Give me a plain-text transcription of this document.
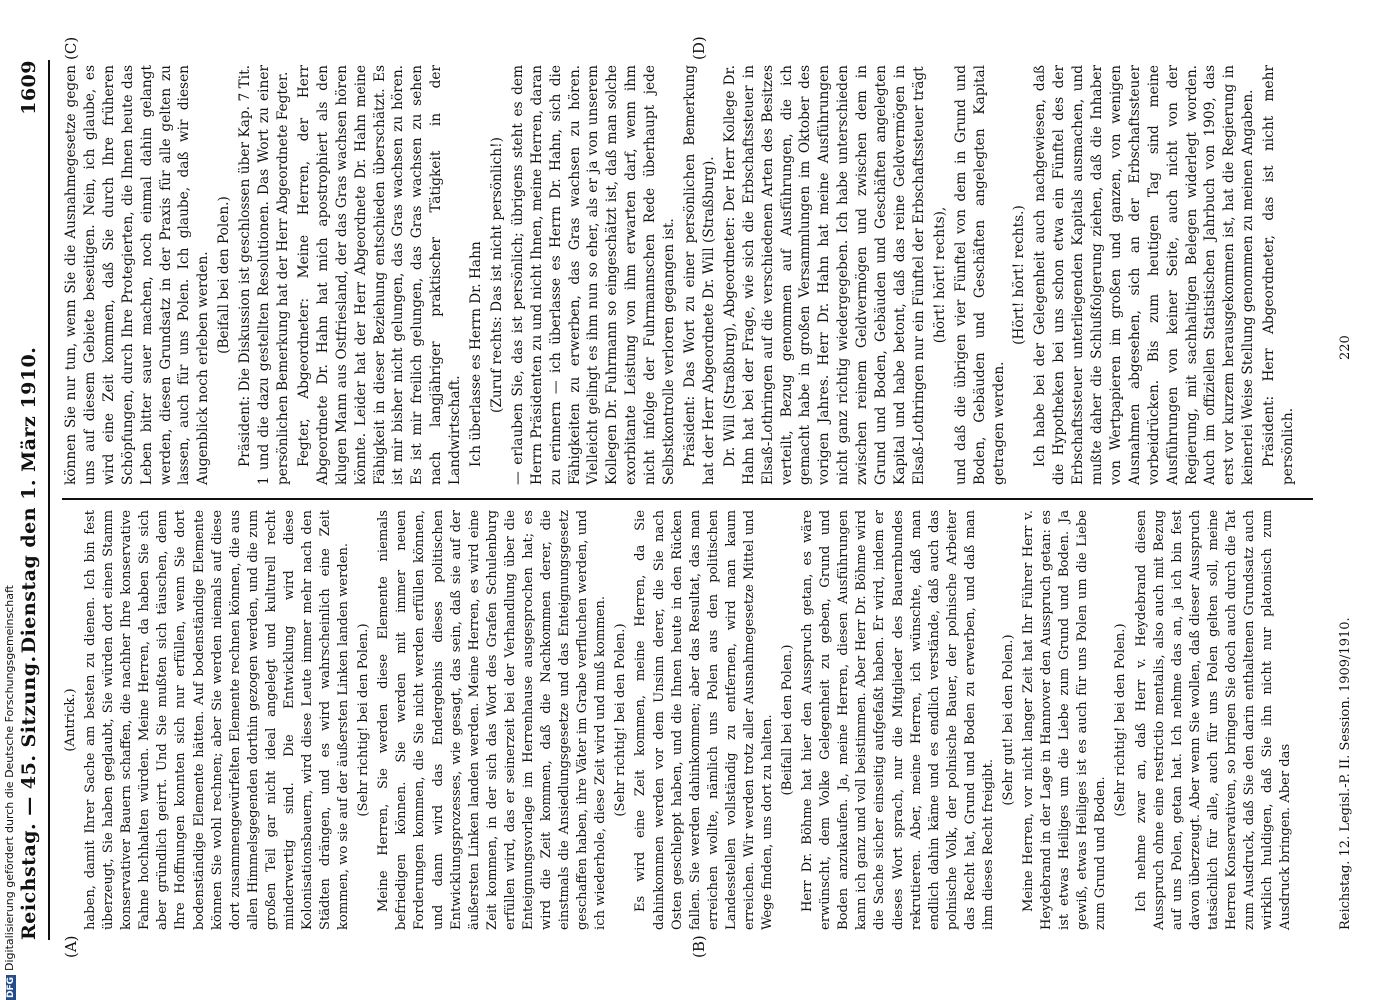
Reichstag. — 45. Sitzung.
Dienstag den 1. März 1910.
1609
(A)	(B)
(C)	(D)

(Antrick.) haben, damit Ihrer Sache am besten zu dienen. Ich bin fest überzeugt, Sie haben geglaubt, Sie würden dort einen Stamm konservativer Bauern schaffen, die nachher Ihre konservative Fahne hochhalten würden. Meine Herren, da haben Sie sich aber gründlich geirrt. Und Sie mußten sich täuschen, denn Ihre Hoffnungen konnten sich nur erfüllen, wenn Sie dort bodenständige Elemente hätten. Auf bodenständige Elemente können Sie wohl rechnen; aber Sie werden niemals auf diese dort zusammengewürfelten Elemente rechnen können, die aus allen Himmelsgegenden dorthin gezogen werden, und die zum großen Teil gar nicht ideal angelegt und kulturell recht minderwertig sind. Die Entwicklung wird diese Kolonisationsbauern, wird diese Leute immer mehr nach den Städten drängen, und es wird wahrscheinlich eine Zeit kommen, wo sie auf der äußersten Linken landen werden. (Sehr richtig! bei den Polen.) Meine Herren, Sie werden diese Elemente niemals befriedigen können. Sie werden mit immer neuen Forderungen kommen, die Sie nicht werden erfüllen können, und dann wird das Endergebnis dieses politischen Entwicklungsprozesses, wie gesagt, das sein, daß sie auf der äußersten Linken landen werden. Meine Herren, es wird eine Zeit kommen, in der sich das Wort des Grafen Schulenburg erfüllen wird, das er seinerzeit bei der Verhandlung über die Enteignungsvorlage im Herrenhause ausgesprochen hat; es wird die Zeit kommen, daß die Nachkommen derer, die einstmals die Ansiedlungsgesetze und das Enteignungsgesetz geschaffen haben, ihre Väter im Grabe verfluchen werden, und ich wiederhole, diese Zeit wird und muß kommen. (Sehr richtig! bei den Polen.) Es wird eine Zeit kommen, meine Herren, da Sie dahinkommen werden vor dem Unsinn derer, die Sie nach Osten geschleppt haben, und die Ihnen heute in den Rücken fallen. Sie werden dahinkommen; aber das Resultat, das man erreichen wollte, nämlich uns Polen aus den politischen Landesstellen vollständig zu entfernen, wird man kaum erreichen. Wir werden trotz aller Ausnahmegesetze Mittel und Wege finden, uns dort zu halten. (Beifall bei den Polen.) Herr Dr. Böhme hat hier den Ausspruch getan, es wäre erwünscht, dem Volke Gelegenheit zu geben, Grund und Boden anzukaufen. Ja, meine Herren, diesen Ausführungen kann ich ganz und voll beistimmen. Aber Herr Dr. Böhme wird die Sache sicher einseitig aufgefaßt haben. Er wird, indem er dieses Wort sprach, nur die Mitglieder des Bauernbundes rekrutieren. Aber, meine Herren, ich wünschte, daß man endlich dahin käme und es endlich verstände, daß auch das polnische Volk, der polnische Bauer, der polnische Arbeiter das Recht hat, Grund und Boden zu erwerben, und daß man ihm dieses Recht freigibt.

(Sehr gut! bei den Polen.) Meine Herren, vor nicht langer Zeit hat Ihr Führer Herr v. Heydebrand in der Lage in Hannover den Ausspruch getan: es ist etwas Heiliges um die Liebe zum Grund und Boden. Ja gewiß, etwas Heiliges ist es auch für uns Polen um die Liebe zum Grund und Boden.

(Sehr richtig! bei den Polen.) Ich nehme zwar an, daß Herr v. Heydebrand diesen Ausspruch ohne eine restrictio mentalis, also auch mit Bezug auf uns Polen, getan hat. Ich nehme das an, ja ich bin fest davon überzeugt. Aber wenn Sie wollen, daß dieser Ausspruch tatsächlich für alle, auch für uns Polen gelten soll, meine Herren Konservativen, so bringen Sie doch auch durch die Tat zum Ausdruck, daß Sie den darin enthaltenen Grundsatz auch wirklich huldigen, daß Sie ihn nicht nur platonisch zum Ausdruck bringen. Aber das

können Sie nur tun, wenn Sie die Ausnahmegesetze gegen uns auf diesem Gebiete beseitigen. Nein, ich glaube, es wird eine Zeit kommen, daß Sie durch Ihre früheren Schöpfungen, durch Ihre Protegierten, die Ihnen heute das Leben bitter sauer machen, noch einmal dahin gelangt werden, diesen Grundsatz in der Praxis für alle gelten zu lassen, auch für uns Polen. Ich glaube, daß wir diesen Augenblick noch erleben werden. (Beifall bei den Polen.) Präsident: Die Diskussion ist geschlossen über Kap. 7 Tit. 1 und die dazu gestellten Resolutionen. Das Wort zu einer persönlichen Bemerkung hat der Herr Abgeordnete Fegter. Fegter, Abgeordneter: Meine Herren, der Herr Abgeordnete Dr. Hahn hat mich apostrophiert als den klugen Mann aus Ostfriesland, der das Gras wachsen hören könnte. Leider hat der Herr Abgeordnete Dr. Hahn meine Fähigkeit in dieser Beziehung entschieden überschätzt. Es ist mir bisher nicht gelungen, das Gras wachsen zu hören. Es ist mir freilich gelungen, das Gras wachsen zu sehen nach langjähriger praktischer Tätigkeit in der Landwirtschaft. Ich überlasse es Herrn Dr. Hahn (Zuruf rechts: Das ist nicht persönlich!) — erlauben Sie, das ist persönlich; übrigens steht es dem Herrn Präsidenten zu und nicht Ihnen, meine Herren, daran zu erinnern — ich überlasse es Herrn Dr. Hahn, sich die Fähigkeiten zu erwerben, das Gras wachsen zu hören. Vielleicht gelingt es ihm nun so eher, als er ja von unserem Kollegen Dr. Fuhrmann so eingeschätzt ist, daß man solche exorbitante Leistung von ihm erwarten darf, wenn ihm nicht infolge der Fuhrmannschen Rede überhaupt jede Selbstkontrolle verloren gegangen ist. Präsident: Das Wort zu einer persönlichen Bemerkung hat der Herr Abgeordnete Dr. Will (Straßburg). Dr. Will (Straßburg), Abgeordneter: Der Herr Kollege Dr. Hahn hat bei der Frage, wie sich die Erbschaftssteuer in Elsaß-Lothringen auf die verschiedenen Arten des Besitzes verteilt, Bezug genommen auf Ausführungen, die ich gemacht habe in großen Versammlungen im Oktober des vorigen Jahres. Herr Dr. Hahn hat meine Ausführungen nicht ganz richtig wiedergegeben. Ich habe unterschieden zwischen reinem Geldvermögen und zwischen dem in Grund und Boden, Gebäuden und Geschäften angelegten Kapital und habe betont, daß das reine Geldvermögen in Elsaß-Lothringen nur ein Fünftel der Erbschaftssteuer trägt (hört! hört! rechts), und daß die übrigen vier Fünftel von dem in Grund und Boden, Gebäuden und Geschäften angelegten Kapital getragen werden.

(Hört! hört! rechts.) Ich habe bei der Gelegenheit auch nachgewiesen, daß die Hypotheken bei uns schon etwa ein Fünftel des der Erbschaftssteuer unterliegenden Kapitals ausmachen, und mußte daher die Schlußfolgerung ziehen, daß die Inhaber von Wertpapieren im großen und ganzen, von wenigen Ausnahmen abgesehen, sich an der Erbschaftssteuer vorbeidrücken. Bis zum heutigen Tag sind meine Ausführungen von keiner Seite, auch nicht von der Regierung, mit sachhaltigen Belegen widerlegt worden. Auch im offiziellen Statistischen Jahrbuch von 1909, das erst vor kurzem herausgekommen ist, hat die Regierung in keinerlei Weise Stellung genommen zu meinen Angaben. Präsident: Herr Abgeordneter, das ist nicht mehr persönlich.

Reichstag. 12. Legisl.-P. II. Session. 1909/1910.
220
DFGDigitalisierung gefördert durch die Deutsche Forschungsgemeinschaft
